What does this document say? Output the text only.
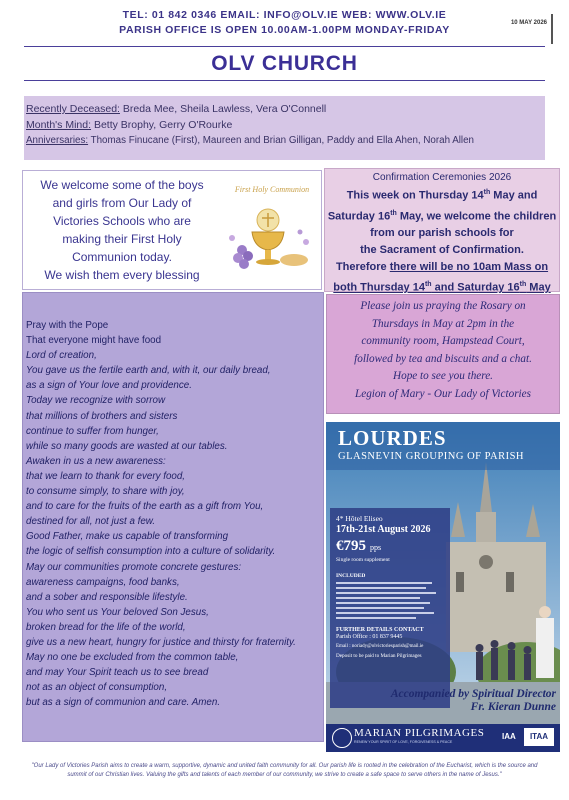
TEL: 01 842 0346 EMAIL: INFO@OLV.IE WEB: WWW.OLV.IE
PARISH OFFICE IS OPEN 10.00AM-1.00PM MONDAY-FRIDAY
10 MAY 2026
OLV CHURCH
Recently Deceased: Breda Mee, Sheila Lawless, Vera O'Connell
Month's Mind: Betty Brophy, Gerry O'Rourke
Anniversaries: Thomas Finucane (First), Maureen and Brian Gilligan, Paddy and Ella Ahen, Norah Allen
We welcome some of the boys
and girls from Our Lady of
Victories Schools who are
making their First Holy
Communion today.
We wish them every blessing
First Holy Communion
Confirmation Ceremonies 2026
This week on Thursday 14th May and
Saturday 16th May, we welcome the children
from our parish schools for
the Sacrament of Confirmation.
Therefore there will be no 10am Mass on
both Thursday 14th and Saturday 16th May
Pray with the Pope
That everyone might have food
Lord of creation,
You gave us the fertile earth and, with it, our daily bread,
as a sign of Your love and providence.
Today we recognize with sorrow
that millions of brothers and sisters
continue to suffer from hunger,
while so many goods are wasted at our tables.
Awaken in us a new awareness:
that we learn to thank for every food,
to consume simply, to share with joy,
and to care for the fruits of the earth as a gift from You,
destined for all, not just a few.
Good Father, make us capable of transforming
the logic of selfish consumption into a culture of solidarity.
May our communities promote concrete gestures:
awareness campaigns, food banks,
and a sober and responsible lifestyle.
You who sent us Your beloved Son Jesus,
broken bread for the life of the world,
give us a new heart, hungry for justice and thirsty for fraternity.
May no one be excluded from the common table,
and may Your Spirit teach us to see bread
not as an object of consumption,
but as a sign of communion and care. Amen.
Please join us praying the Rosary on
Thursdays in May at 2pm in the
community room, Hampstead Court,
followed by tea and biscuits and a chat.
Hope to see you there.
Legion of Mary - Our Lady of Victories
LOURDES
GLASNEVIN GROUPING OF PARISH
4* Hôtel Eliseo
17th-21st August 2026
€795 pps
Single room supplement
INCLUDED
FURTHER DETAILS CONTACT
Parish Office : 01 837 9445
Email : noriady@olvictoriesparish@mail.ie
Deposit to be paid to Marian Pilgrimages
Accompanied by Spiritual Director
Fr. Kieran Dunne
MARIAN PILGRIMAGES
RENEW YOUR SPIRIT OF LOVE, FORGIVENESS & PEACE
IAA	ITAA
"Our Lady of Victories Parish aims to create a warm, supportive, dynamic and united faith community for all. Our parish life is rooted in the celebration of the Eucharist, which is the source and summit of our Christian lives. Valuing the gifts and talents of each member of our community, we strive to create a safe space to serve others in the name of Jesus."
